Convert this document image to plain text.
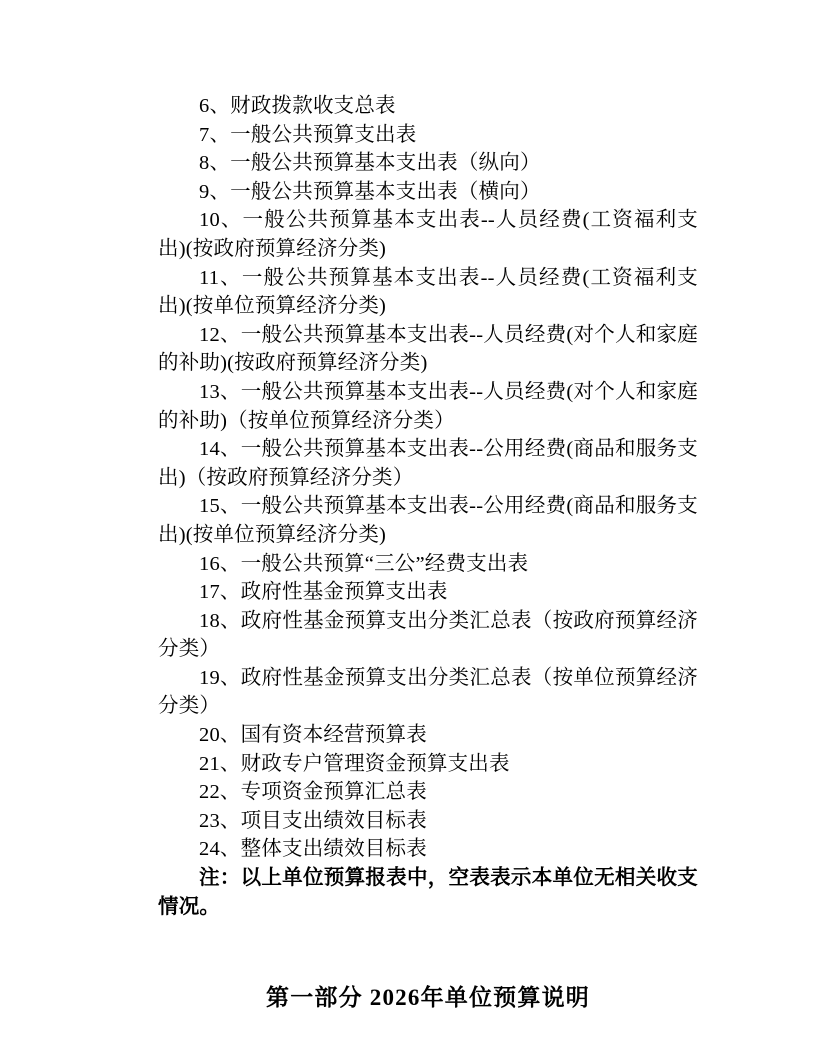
6、财政拨款收支总表

7、一般公共预算支出表

8、一般公共预算基本支出表（纵向）

9、一般公共预算基本支出表（横向）

10、一般公共预算基本支出表--人员经费(工资福利支出)(按政府预算经济分类)

11、一般公共预算基本支出表--人员经费(工资福利支出)(按单位预算经济分类)

12、一般公共预算基本支出表--人员经费(对个人和家庭的补助)(按政府预算经济分类)

13、一般公共预算基本支出表--人员经费(对个人和家庭的补助)（按单位预算经济分类）

14、一般公共预算基本支出表--公用经费(商品和服务支出)（按政府预算经济分类）

15、一般公共预算基本支出表--公用经费(商品和服务支出)(按单位预算经济分类)

16、一般公共预算“三公”经费支出表

17、政府性基金预算支出表

18、政府性基金预算支出分类汇总表（按政府预算经济分类）

19、政府性基金预算支出分类汇总表（按单位预算经济分类）

20、国有资本经营预算表

21、财政专户管理资金预算支出表

22、专项资金预算汇总表

23、项目支出绩效目标表

24、整体支出绩效目标表

注：以上单位预算报表中，空表表示本单位无相关收支情况。

第一部分 2026年单位预算说明
